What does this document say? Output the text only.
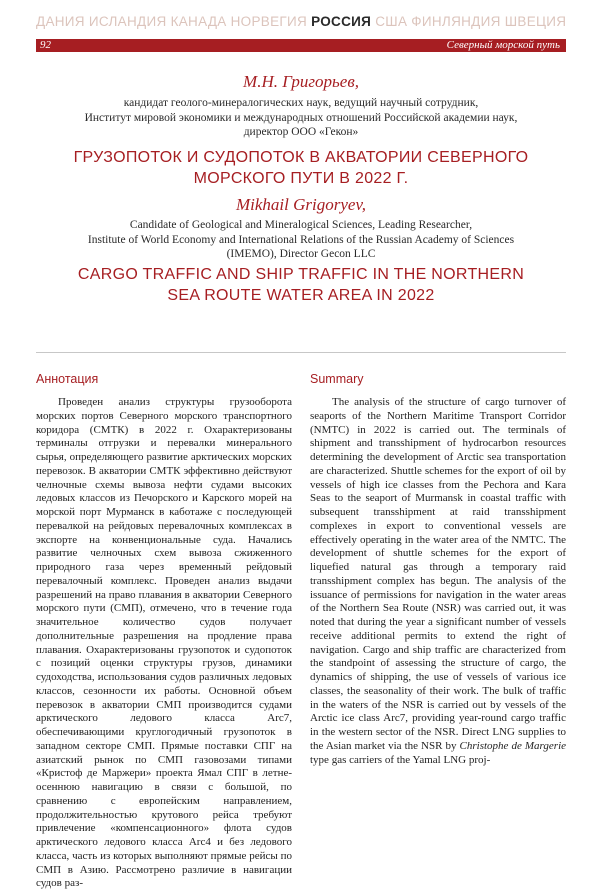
ДАНИЯ ИСЛАНДИЯ КАНАДА НОРВЕГИЯ РОССИЯ США ФИНЛЯНДИЯ ШВЕЦИЯ
92	Северный морской путь
М.Н. Григорьев,
кандидат геолого-минералогических наук, ведущий научный сотрудник,
Институт мировой экономики и международных отношений Российской академии наук,
директор ООО «Гекон»
ГРУЗОПОТОК И СУДОПОТОК В АКВАТОРИИ СЕВЕРНОГО
МОРСКОГО ПУТИ В 2022 Г.
Mikhail Grigoryev,
Candidate of Geological and Mineralogical Sciences, Leading Researcher,
Institute of World Economy and International Relations of the Russian Academy of Sciences
(IMEMO), Director Gecon LLC
CARGO TRAFFIC AND SHIP TRAFFIC IN THE NORTHERN
SEA ROUTE WATER AREA IN 2022
Аннотация	Summary

Проведен анализ структуры грузооборота морских портов Северного морского транспортного коридора (СМТК) в 2022 г. Охарактеризованы терминалы отгрузки и перевалки минерального сырья, определяющего развитие арктических морских перевозок. В акватории СМТК эффективно действуют челночные схемы вывоза нефти судами высоких ледовых классов из Печорского и Карского морей на морской порт Мурманск в каботаже с последующей перевалкой на рейдовых перевалочных комплексах в экспорте на конвенциональные суда. Начались развитие челночных схем вывоза сжиженного природного газа через временный рейдовый перевалочный комплекс. Проведен анализ выдачи разрешений на право плавания в акватории Северного морского пути (СМП), отмечено, что в течение года значительное количество судов получает дополнительные разрешения на продление права плавания. Охарактеризованы грузопоток и судопоток с позиций оценки структуры грузов, динамики судоходства, использования судов различных ледовых классов, сезонности их работы. Основной объем перевозок в акватории СМП производится судами арктического ледового класса Arc7, обеспечивающими круглогодичный грузопоток в западном секторе СМП. Прямые поставки СПГ на азиатский рынок по СМП газовозами типами «Кристоф де Маржери» проекта Ямал СПГ в летне-осеннюю навигацию в связи с большой, по сравнению с европейским направлением, продолжительностью крутового рейса требуют привлечение «компенсационного» флота судов арктического ледового класса Arc4 и без ледового класса, часть из которых выполняют прямые рейсы по СМП в Азию. Рассмотрено различие в навигации судов раз-

The analysis of the structure of cargo turnover of seaports of the Northern Maritime Transport Corridor (NMTC) in 2022 is carried out. The terminals of shipment and transshipment of hydrocarbon resources determining the development of Arctic sea transportation are characterized. Shuttle schemes for the export of oil by vessels of high ice classes from the Pechora and Kara Seas to the seaport of Murmansk in coastal traffic with subsequent transshipment at raid transshipment complexes in export to conventional vessels are effectively operating in the water area of the NMTC. The development of shuttle schemes for the export of liquefied natural gas through a temporary raid transshipment complex has begun. The analysis of the issuance of permissions for navigation in the water areas of the Northern Sea Route (NSR) was carried out, it was noted that during the year a significant number of vessels receive additional permits to extend the right of navigation. Cargo and ship traffic are characterized from the standpoint of assessing the structure of cargo, the dynamics of shipping, the use of vessels of various ice classes, the seasonality of their work. The bulk of traffic in the waters of the NSR is carried out by vessels of the Arctic ice class Arc7, providing year-round cargo traffic in the western sector of the NSR. Direct LNG supplies to the Asian market via the NSR by Christophe de Margerie type gas carriers of the Yamal LNG proj-
